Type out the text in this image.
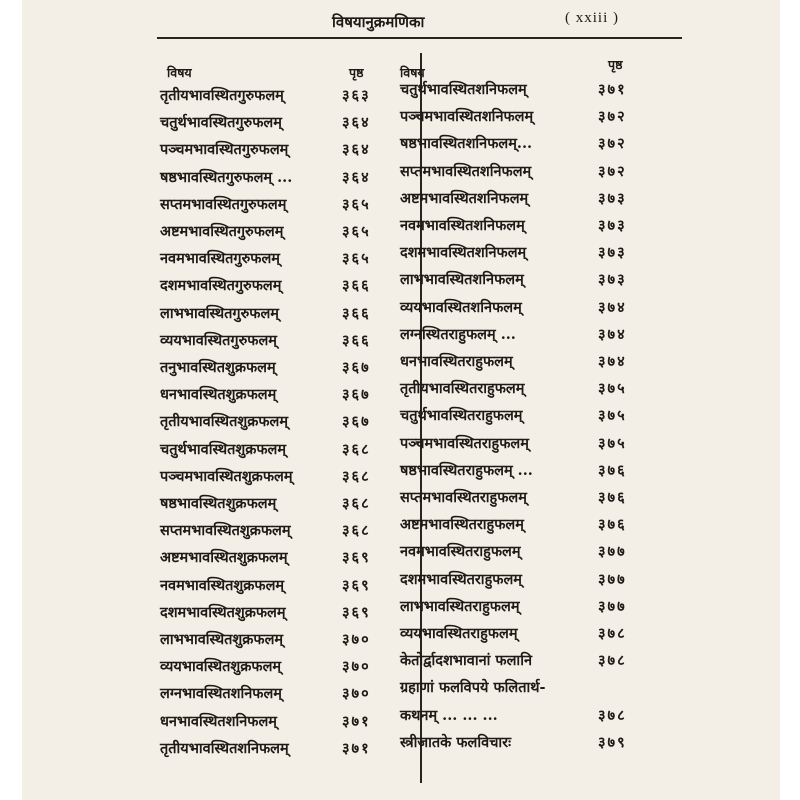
विषयानुक्रमणिका	( xxiii )
विषय	पृष्ठ	विषय
पृष्ठ
तृतीयभावस्थितगुरुफलम्	३६३
चतुर्थभावस्थितगुरुफलम्	३६४
पञ्चमभावस्थितगुरुफलम्	३६४
षष्ठभावस्थितगुरुफलम् ...	३६४
सप्तमभावस्थितगुरुफलम्	३६५
अष्टमभावस्थितगुरुफलम्	३६५
नवमभावस्थितगुरुफलम्	३६५
दशमभावस्थितगुरुफलम्	३६६
लाभभावस्थितगुरुफलम्	३६६
व्ययभावस्थितगुरुफलम्	३६६
तनुभावस्थितशुक्रफलम्	३६७
धनभावस्थितशुक्रफलम्	३६७
तृतीयभावस्थितशुक्रफलम्	३६७
चतुर्थभावस्थितशुक्रफलम्	३६८
पञ्चमभावस्थितशुक्रफलम्	३६८
षष्ठभावस्थितशुक्रफलम्	३६८
सप्तमभावस्थितशुक्रफलम्	३६८
अष्टमभावस्थितशुक्रफलम्	३६९
नवमभावस्थितशुक्रफलम्	३६९
दशमभावस्थितशुक्रफलम्	३६९
लाभभावस्थितशुक्रफलम्	३७०
व्ययभावस्थितशुक्रफलम्	३७०
लग्नभावस्थितशनिफलम्	३७०
धनभावस्थितशनिफलम्	३७१
तृतीयभावस्थितशनिफलम्	३७१
चतुर्थभावस्थितशनिफलम्	३७१
पञ्चमभावस्थितशनिफलम्	३७२
षष्ठभावस्थितशनिफलम्...	३७२
सप्तमभावस्थितशनिफलम्	३७२
अष्टमभावस्थितशनिफलम्	३७३
नवमभावस्थितशनिफलम्	३७३
दशमभावस्थितशनिफलम्	३७३
लाभभावस्थितशनिफलम्	३७३
व्ययभावस्थितशनिफलम्	३७४
लग्नस्थितराहुफलम् ...	३७४
धनभावस्थितराहुफलम्	३७४
तृतीयभावस्थितराहुफलम्	३७५
चतुर्थभावस्थितराहुफलम्	३७५
पञ्चमभावस्थितराहुफलम्	३७५
षष्ठभावस्थितराहुफलम् ...	३७६
सप्तमभावस्थितराहुफलम्	३७६
अष्टमभावस्थितराहुफलम्	३७६
नवमभावस्थितराहुफलम्	३७७
दशमभावस्थितराहुफलम्	३७७
लाभभावस्थितराहुफलम्	३७७
व्ययभावस्थितराहुफलम्	३७८
केतोर्द्वादशभावानां फलानि	३७८
ग्रहाणां फलविपये फलितार्थ-
कथनम् ... ... ...	३७८
स्त्रीजातके फलविचारः	३७९
